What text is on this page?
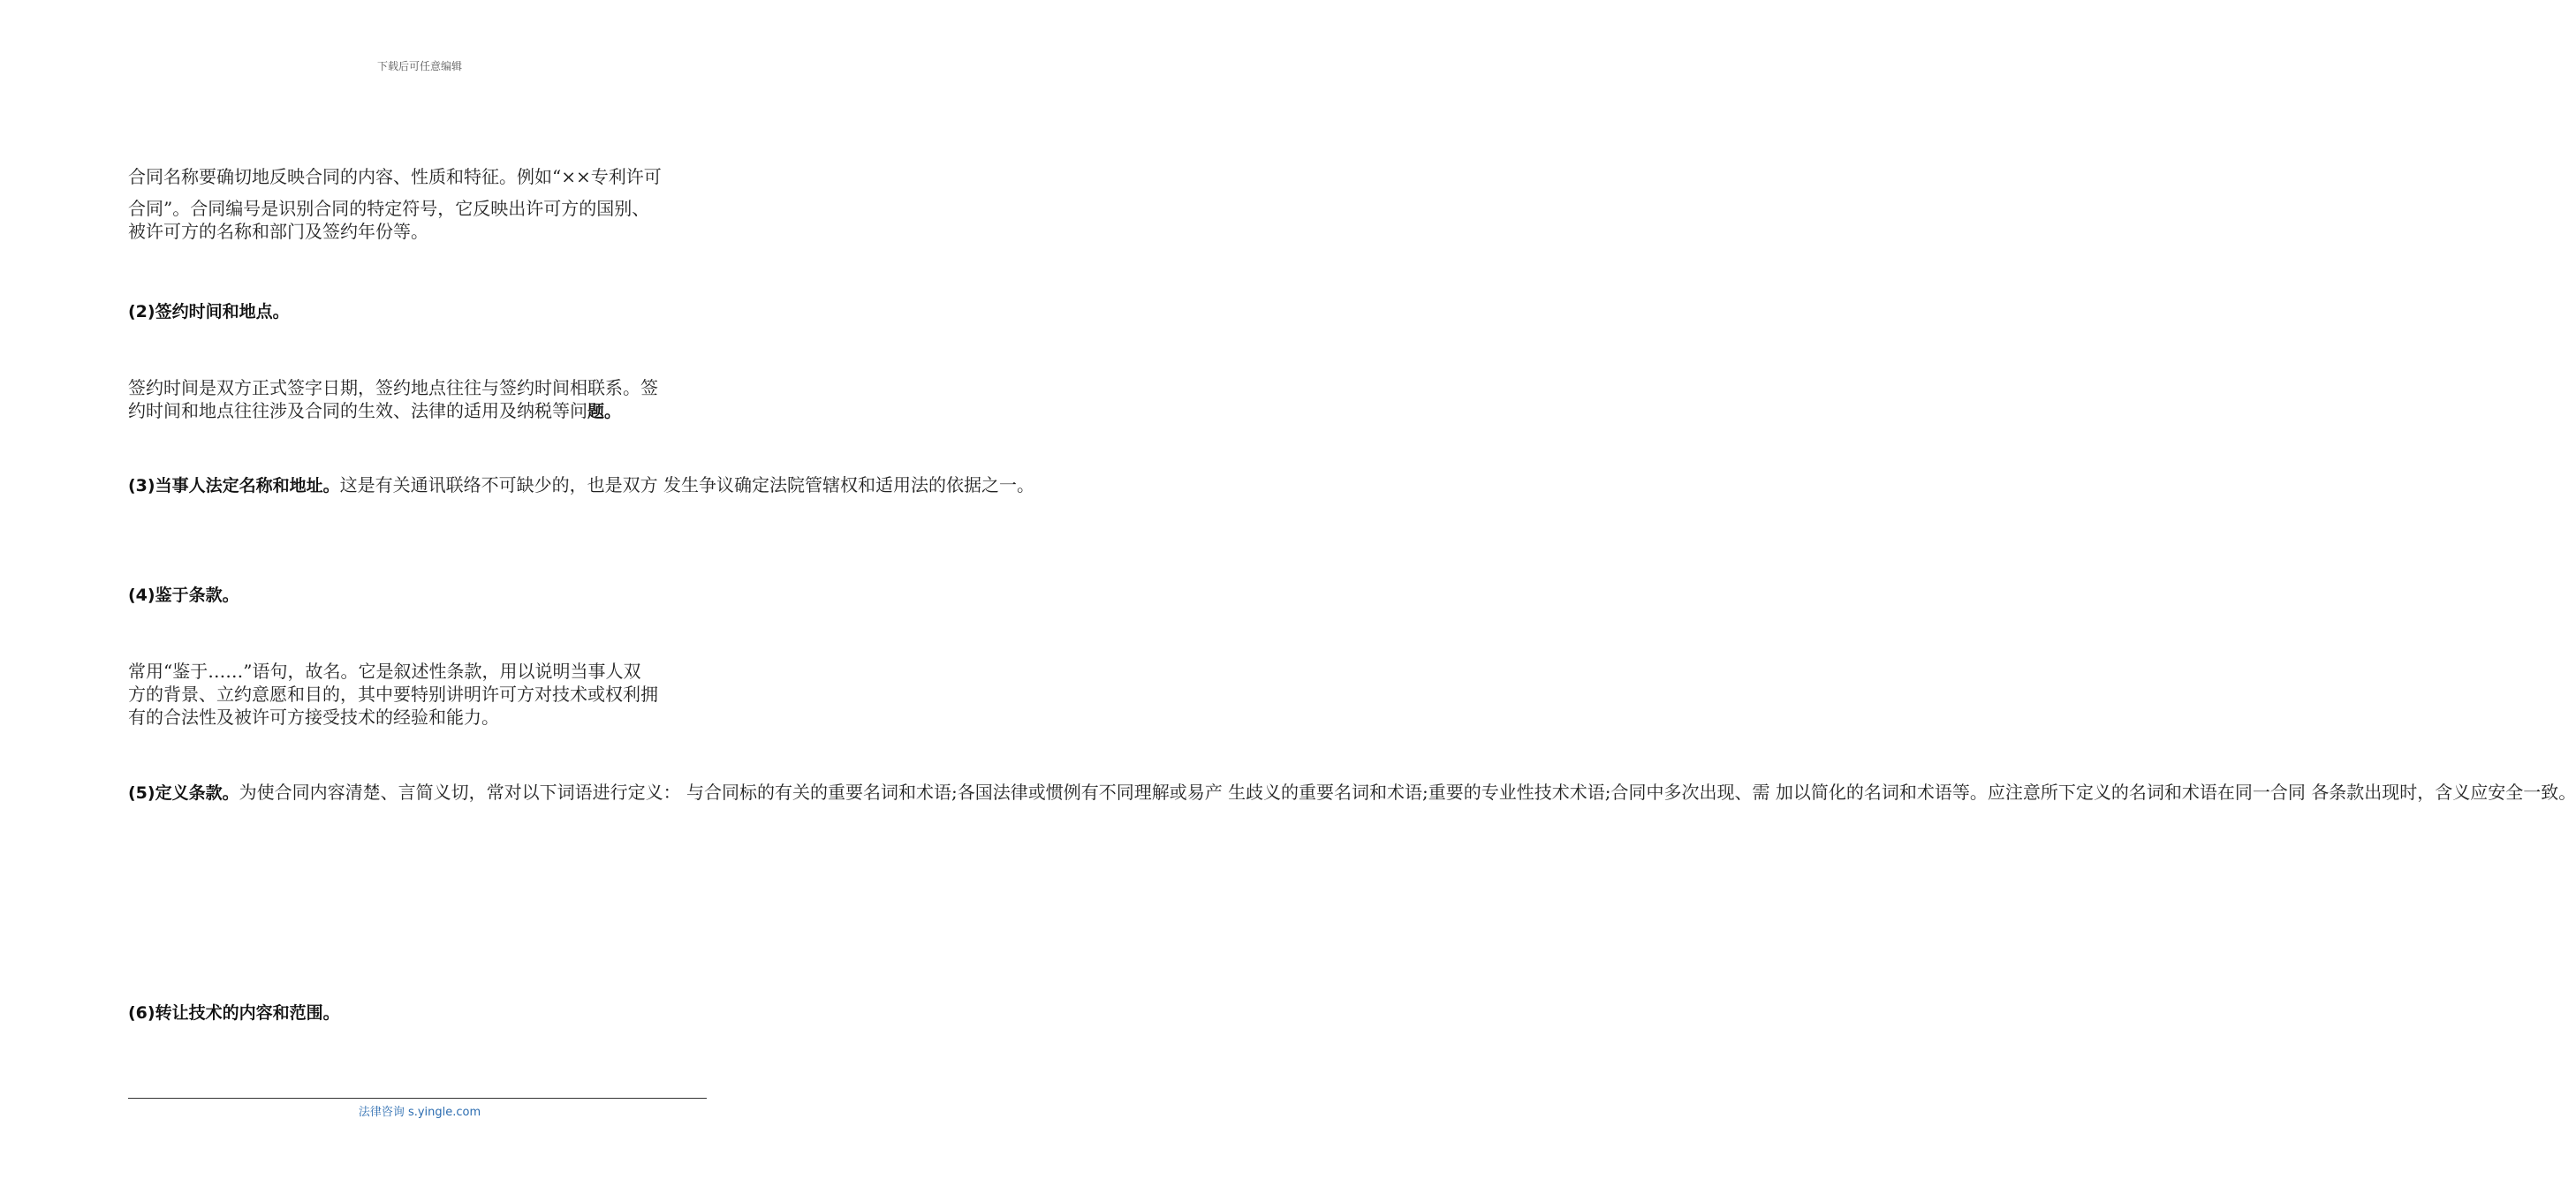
下载后可任意编辑
合同名称要确切地反映合同的内容、性质和特征。例如“××专利许可
合同”。合同编号是识别合同的特定符号，它反映出许可方的国别、
被许可方的名称和部门及签约年份等。
(2)签约时间和地点。
签约时间是双方正式签字日期，签约地点往往与签约时间相联系。签
约时间和地点往往涉及合同的生效、法律的适用及纳税等问题。
(3)当事人法定名称和地址。这是有关通讯联络不可缺少的，也是双方 发生争议确定法院管辖权和适用法的依据之一。
(4)鉴于条款。
常用“鉴于……”语句，故名。它是叙述性条款，用以说明当事人双
方的背景、立约意愿和目的，其中要特别讲明许可方对技术或权利拥
有的合法性及被许可方接受技术的经验和能力。
(5)定义条款。为使合同内容清楚、言简义切，常对以下词语进行定义： 与合同标的有关的重要名词和术语;各国法律或惯例有不同理解或易产 生歧义的重要名词和术语;重要的专业性技术术语;合同中多次出现、需 加以简化的名词和术语等。应注意所下定义的名词和术语在同一合同 各条款出现时，含义应安全一致。
(6)转让技术的内容和范围。
法律咨询 s.yingle.com
